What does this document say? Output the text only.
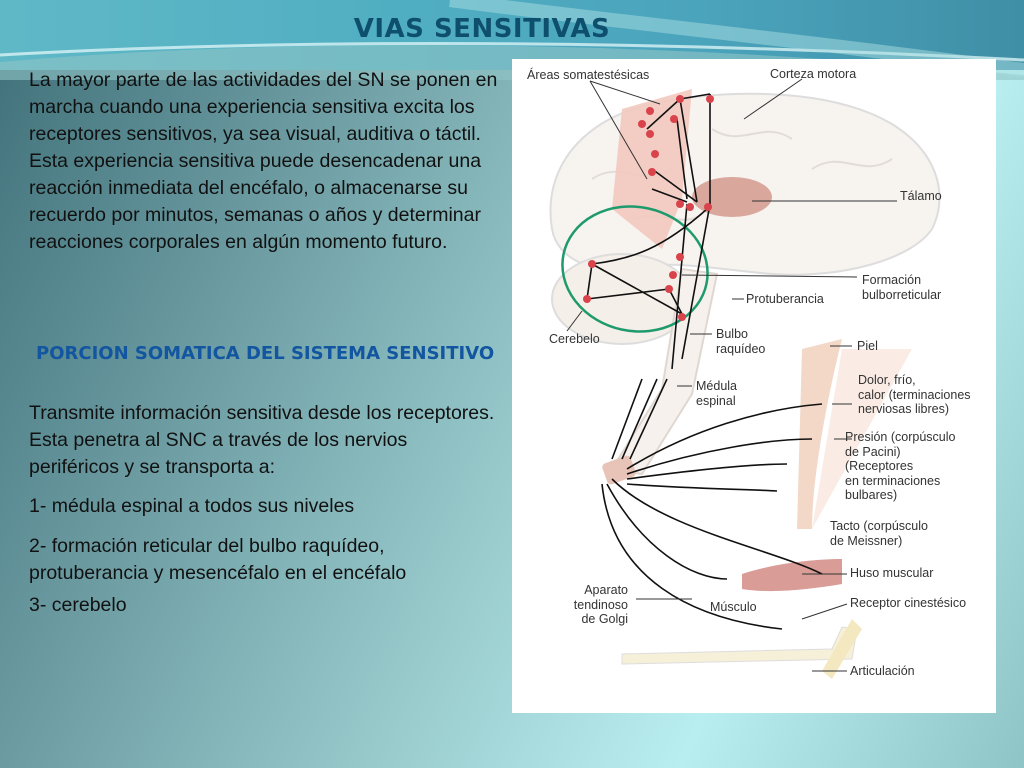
VIAS SENSITIVAS
La mayor parte de las actividades del SN se ponen en marcha cuando una experiencia sensitiva excita los receptores sensitivos, ya sea visual, auditiva o táctil. Esta experiencia sensitiva puede desencadenar una reacción inmediata del encéfalo, o almacenarse su recuerdo por minutos, semanas o años y determinar reacciones corporales en algún momento futuro.
PORCION SOMATICA DEL SISTEMA SENSITIVO
Transmite información sensitiva desde los receptores. Esta penetra al SNC a través de los nervios periféricos y se transporta a:
1- médula espinal a todos sus niveles
2- formación reticular del bulbo raquídeo, protuberancia y mesencéfalo en el encéfalo
3- cerebelo
Áreas somatestésicas	Corteza motora
Tálamo
Formación
bulborreticular
Protuberancia
Cerebelo	Bulbo
raquídeo	Piel
Médula
espinal
Dolor, frío,
calor (terminaciones
nerviosas libres)
Presión (corpúsculo
de Pacini)
(Receptores
en terminaciones
bulbares)
Tacto (corpúsculo
de Meissner)
Huso muscular
Aparato
tendinoso
de Golgi
Músculo	Receptor cinestésico
Articulación
